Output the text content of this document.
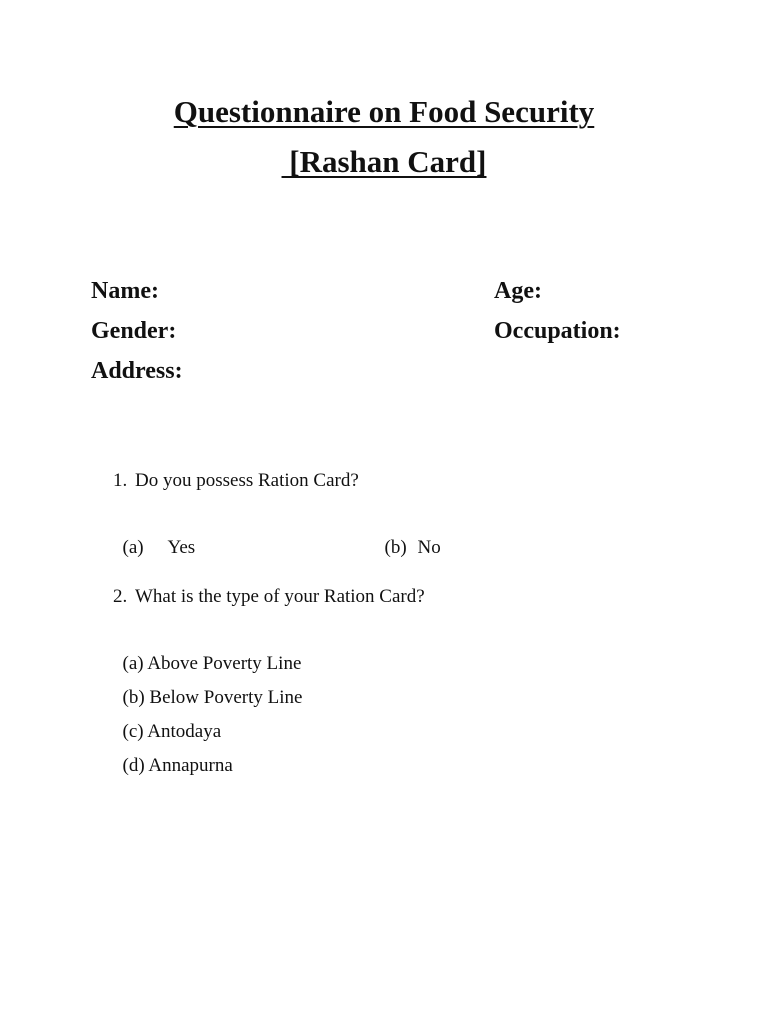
Questionnaire on Food Security
[Rashan Card]
Name:	Age:
Gender:	Occupation:
Address:
1. Do you possess Ration Card?

(a) Yes	(b) No

2. What is the type of your Ration Card?

(a) Above Poverty Line

(b) Below Poverty Line

(c) Antodaya

(d) Annapurna
